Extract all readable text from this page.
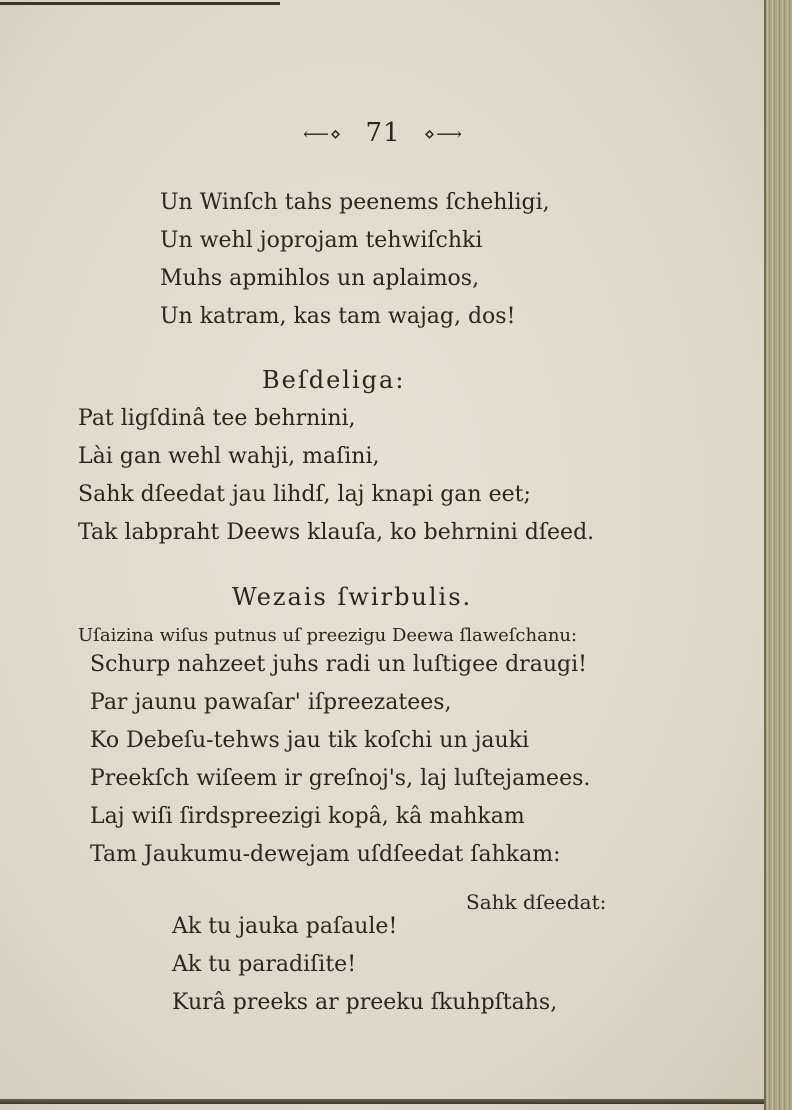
⟵⋄ 71 ⋄⟶
Un Winſch tahs peenems ſchehligi,
Un wehl joprojam tehwiſchki
Muhs apmihlos un aplaimos,
Un katram, kas tam wajag, dos!
Beſdeliga:
Pat ligſdinâ tee behrnini,
Lài gan wehl wahji, maſini,
Sahk dſeedat jau lihdſ, laj knapi gan eet;
Tak labpraht Deews klauſa, ko behrnini dſeed.
Wezais ſwirbulis.
Uſaizina wiſus putnus uſ preezigu Deewa ſlaweſchanu:
Schurp nahzeet juhs radi un luſtigee draugi!
Par jaunu pawaſar' iſpreezatees,
Ko Debeſu-tehws jau tik koſchi un jauki
Preekſch wiſeem ir greſnoj's, laj luſtejamees.
Laj wiſi ſirdspreezigi kopâ, kâ mahkam
Tam Jaukumu-dewejam uſdſeedat ſahkam:
Sahk dſeedat:
Ak tu jauka paſaule!
Ak tu paradiſite!
Kurâ preeks ar preeku ſkuhpſtahs,
